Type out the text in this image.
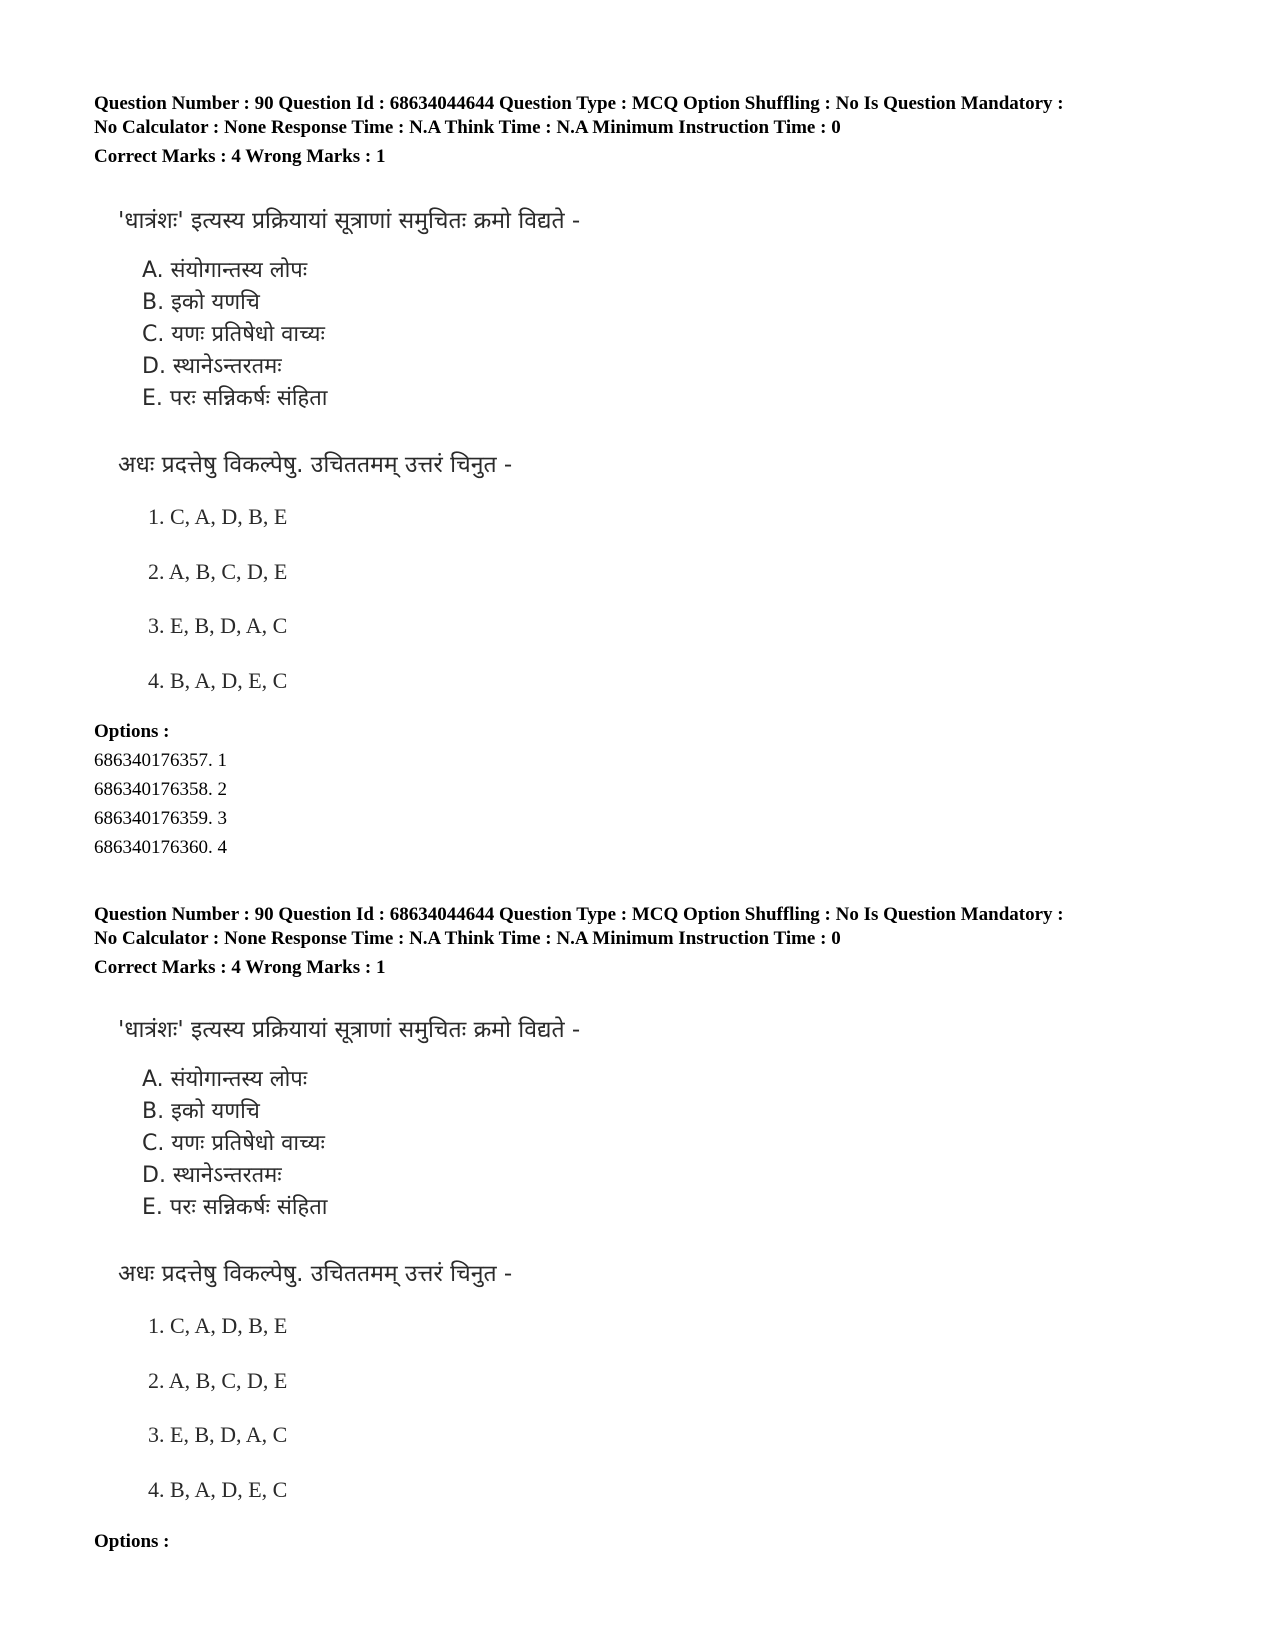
Question Number : 90 Question Id : 68634044644 Question Type : MCQ Option Shuffling : No Is Question Mandatory :
No Calculator : None Response Time : N.A Think Time : N.A Minimum Instruction Time : 0
Correct Marks : 4 Wrong Marks : 1
'धात्रंशः' इत्यस्य प्रक्रियायां सूत्राणां समुचितः क्रमो विद्यते -
A. संयोगान्तस्य लोपः
B. इको यणचि
C. यणः प्रतिषेधो वाच्यः
D. स्थानेऽन्तरतमः
E. परः सन्निकर्षः संहिता
अधः प्रदत्तेषु विकल्पेषु. उचिततमम् उत्तरं चिनुत -
1. C, A, D, B, E
2. A, B, C, D, E
3. E, B, D, A, C
4. B, A, D, E, C
Options :
686340176357. 1
686340176358. 2
686340176359. 3
686340176360. 4
Question Number : 90 Question Id : 68634044644 Question Type : MCQ Option Shuffling : No Is Question Mandatory :
No Calculator : None Response Time : N.A Think Time : N.A Minimum Instruction Time : 0
Correct Marks : 4 Wrong Marks : 1
'धात्रंशः' इत्यस्य प्रक्रियायां सूत्राणां समुचितः क्रमो विद्यते -
A. संयोगान्तस्य लोपः
B. इको यणचि
C. यणः प्रतिषेधो वाच्यः
D. स्थानेऽन्तरतमः
E. परः सन्निकर्षः संहिता
अधः प्रदत्तेषु विकल्पेषु. उचिततमम् उत्तरं चिनुत -
1. C, A, D, B, E
2. A, B, C, D, E
3. E, B, D, A, C
4. B, A, D, E, C
Options :
